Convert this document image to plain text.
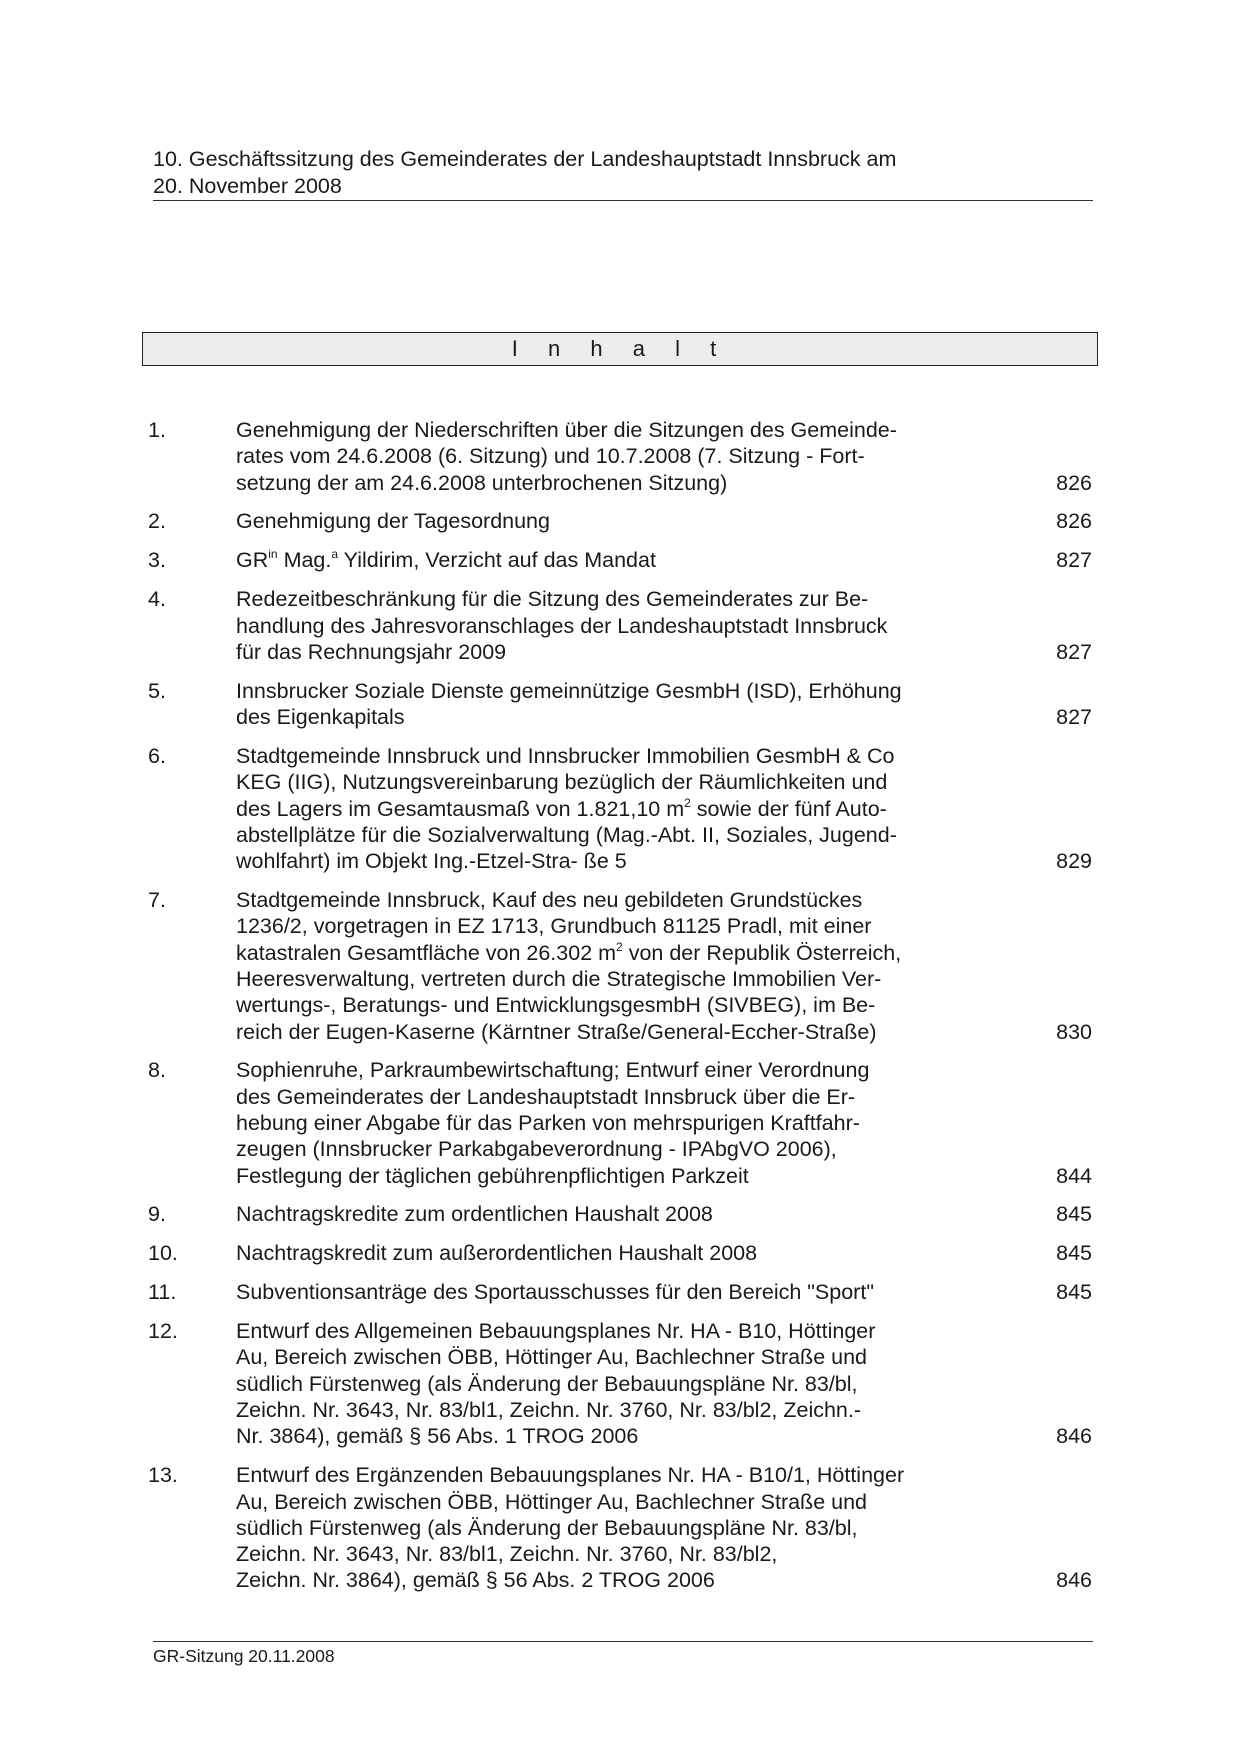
10. Geschäftssitzung des Gemeinderates der Landeshauptstadt Innsbruck am
20. November 2008
I n h a l t
1.	Genehmigung der Niederschriften über die Sitzungen des Gemeinde-
rates vom 24.6.2008 (6. Sitzung) und 10.7.2008 (7. Sitzung - Fort-
setzung der am 24.6.2008 unterbrochenen Sitzung)	826
2.	Genehmigung der Tagesordnung	826
3.	$GR^{in}$ Mag.$^a$ Yildirim, Verzicht auf das Mandat	827
4.	Redezeitbeschränkung für die Sitzung des Gemeinderates zur Be-
handlung des Jahresvoranschlages der Landeshauptstadt Innsbruck
für das Rechnungsjahr 2009	827
5.	Innsbrucker Soziale Dienste gemeinnützige GesmbH (ISD), Erhöhung
des Eigenkapitals	827
6.	Stadtgemeinde Innsbruck und Innsbrucker Immobilien GesmbH & Co
KEG (IIG), Nutzungsvereinbarung bezüglich der Räumlichkeiten und
des Lagers im Gesamtausmaß von 1.821,10 $m^2$ sowie der fünf Auto-
abstellplätze für die Sozialverwaltung (Mag.-Abt. II, Soziales, Jugend-
wohlfahrt) im Objekt Ing.-Etzel-Stra- ße 5	829
7.	Stadtgemeinde Innsbruck, Kauf des neu gebildeten Grundstückes
1236/2, vorgetragen in EZ 1713, Grundbuch 81125 Pradl, mit einer
katastralen Gesamtfläche von 26.302 $m^2$ von der Republik Österreich,
Heeresverwaltung, vertreten durch die Strategische Immobilien Ver-
wertungs-, Beratungs- und EntwicklungsgesmbH (SIVBEG), im Be-
reich der Eugen-Kaserne (Kärntner Straße/General-Eccher-Straße)	830
8.	Sophienruhe, Parkraumbewirtschaftung; Entwurf einer Verordnung
des Gemeinderates der Landeshauptstadt Innsbruck über die Er-
hebung einer Abgabe für das Parken von mehrspurigen Kraftfahr-
zeugen (Innsbrucker Parkabgabeverordnung - IPAbgVO 2006),
Festlegung der täglichen gebührenpflichtigen Parkzeit	844
9.	Nachtragskredite zum ordentlichen Haushalt 2008	845
10.	Nachtragskredit zum außerordentlichen Haushalt 2008	845
11.	Subventionsanträge des Sportausschusses für den Bereich "Sport"	845
12.	Entwurf des Allgemeinen Bebauungsplanes Nr. HA - B10, Höttinger
Au, Bereich zwischen ÖBB, Höttinger Au, Bachlechner Straße und
südlich Fürstenweg (als Änderung der Bebauungspläne Nr. 83/bl,
Zeichn. Nr. 3643, Nr. 83/bl1, Zeichn. Nr. 3760, Nr. 83/bl2, Zeichn.-
Nr. 3864), gemäß § 56 Abs. 1 TROG 2006	846
13.	Entwurf des Ergänzenden Bebauungsplanes Nr. HA - B10/1, Höttinger
Au, Bereich zwischen ÖBB, Höttinger Au, Bachlechner Straße und
südlich Fürstenweg (als Änderung der Bebauungspläne Nr. 83/bl,
Zeichn. Nr. 3643, Nr. 83/bl1, Zeichn. Nr. 3760, Nr. 83/bl2,
Zeichn. Nr. 3864), gemäß § 56 Abs. 2 TROG 2006	846
GR-Sitzung 20.11.2008
